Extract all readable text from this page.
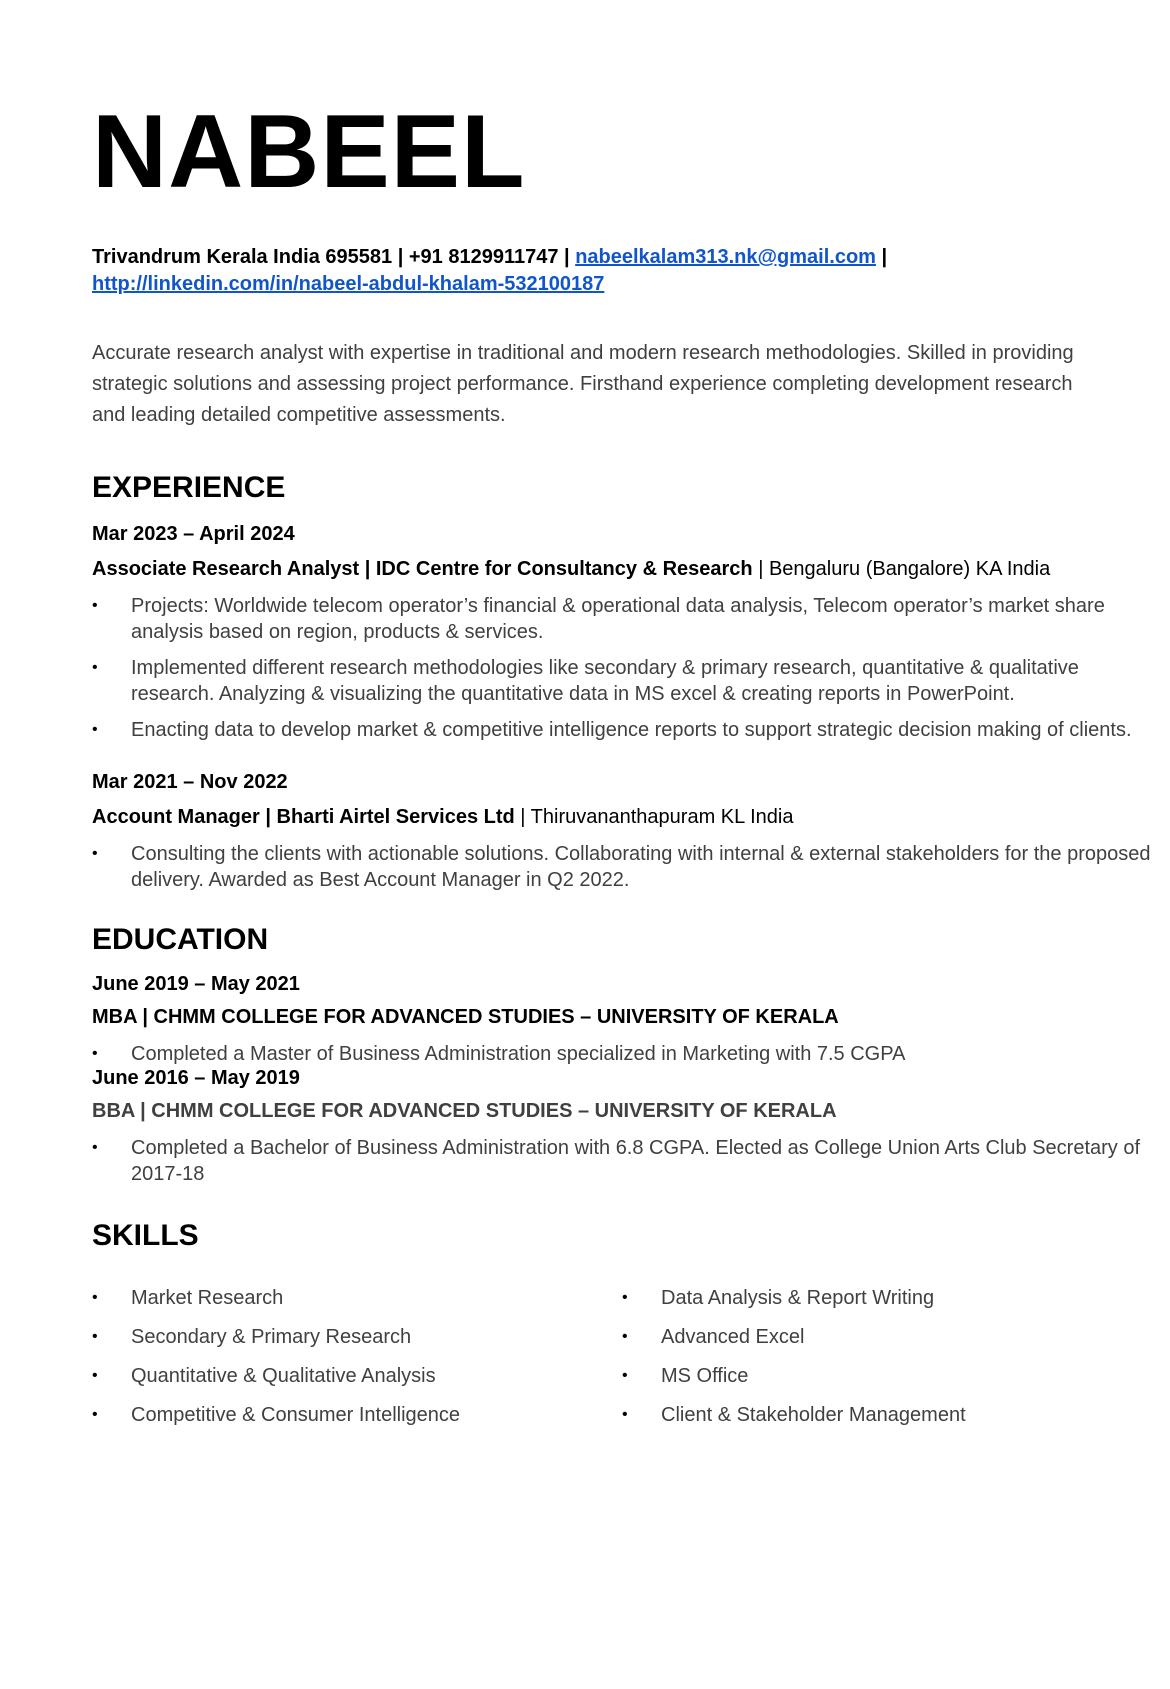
NABEEL
Trivandrum Kerala India 695581 | +91 8129911747 | nabeelkalam313.nk@gmail.com |
http://linkedin.com/in/nabeel-abdul-khalam-532100187
Accurate research analyst with expertise in traditional and modern research methodologies. Skilled in providing strategic solutions and assessing project performance. Firsthand experience completing development research and leading detailed competitive assessments.
EXPERIENCE
Mar 2023 – April 2024
Associate Research Analyst | IDC Centre for Consultancy & Research | Bengaluru (Bangalore) KA India
• Projects: Worldwide telecom operator’s financial & operational data analysis, Telecom operator’s market share analysis based on region, products & services.
• Implemented different research methodologies like secondary & primary research, quantitative & qualitative research. Analyzing & visualizing the quantitative data in MS excel & creating reports in PowerPoint.
• Enacting data to develop market & competitive intelligence reports to support strategic decision making of clients.
Mar 2021 – Nov 2022
Account Manager | Bharti Airtel Services Ltd | Thiruvananthapuram KL India
• Consulting the clients with actionable solutions. Collaborating with internal & external stakeholders for the proposed delivery. Awarded as Best Account Manager in Q2 2022.
EDUCATION
June 2019 – May 2021
MBA | CHMM COLLEGE FOR ADVANCED STUDIES – UNIVERSITY OF KERALA
• Completed a Master of Business Administration specialized in Marketing with 7.5 CGPA
June 2016 – May 2019
BBA | CHMM COLLEGE FOR ADVANCED STUDIES – UNIVERSITY OF KERALA
• Completed a Bachelor of Business Administration with 6.8 CGPA. Elected as College Union Arts Club Secretary of 2017-18
SKILLS
• Market Research
• Secondary & Primary Research
• Quantitative & Qualitative Analysis
• Competitive & Consumer Intelligence
• Data Analysis & Report Writing
• Advanced Excel
• MS Office
• Client & Stakeholder Management
